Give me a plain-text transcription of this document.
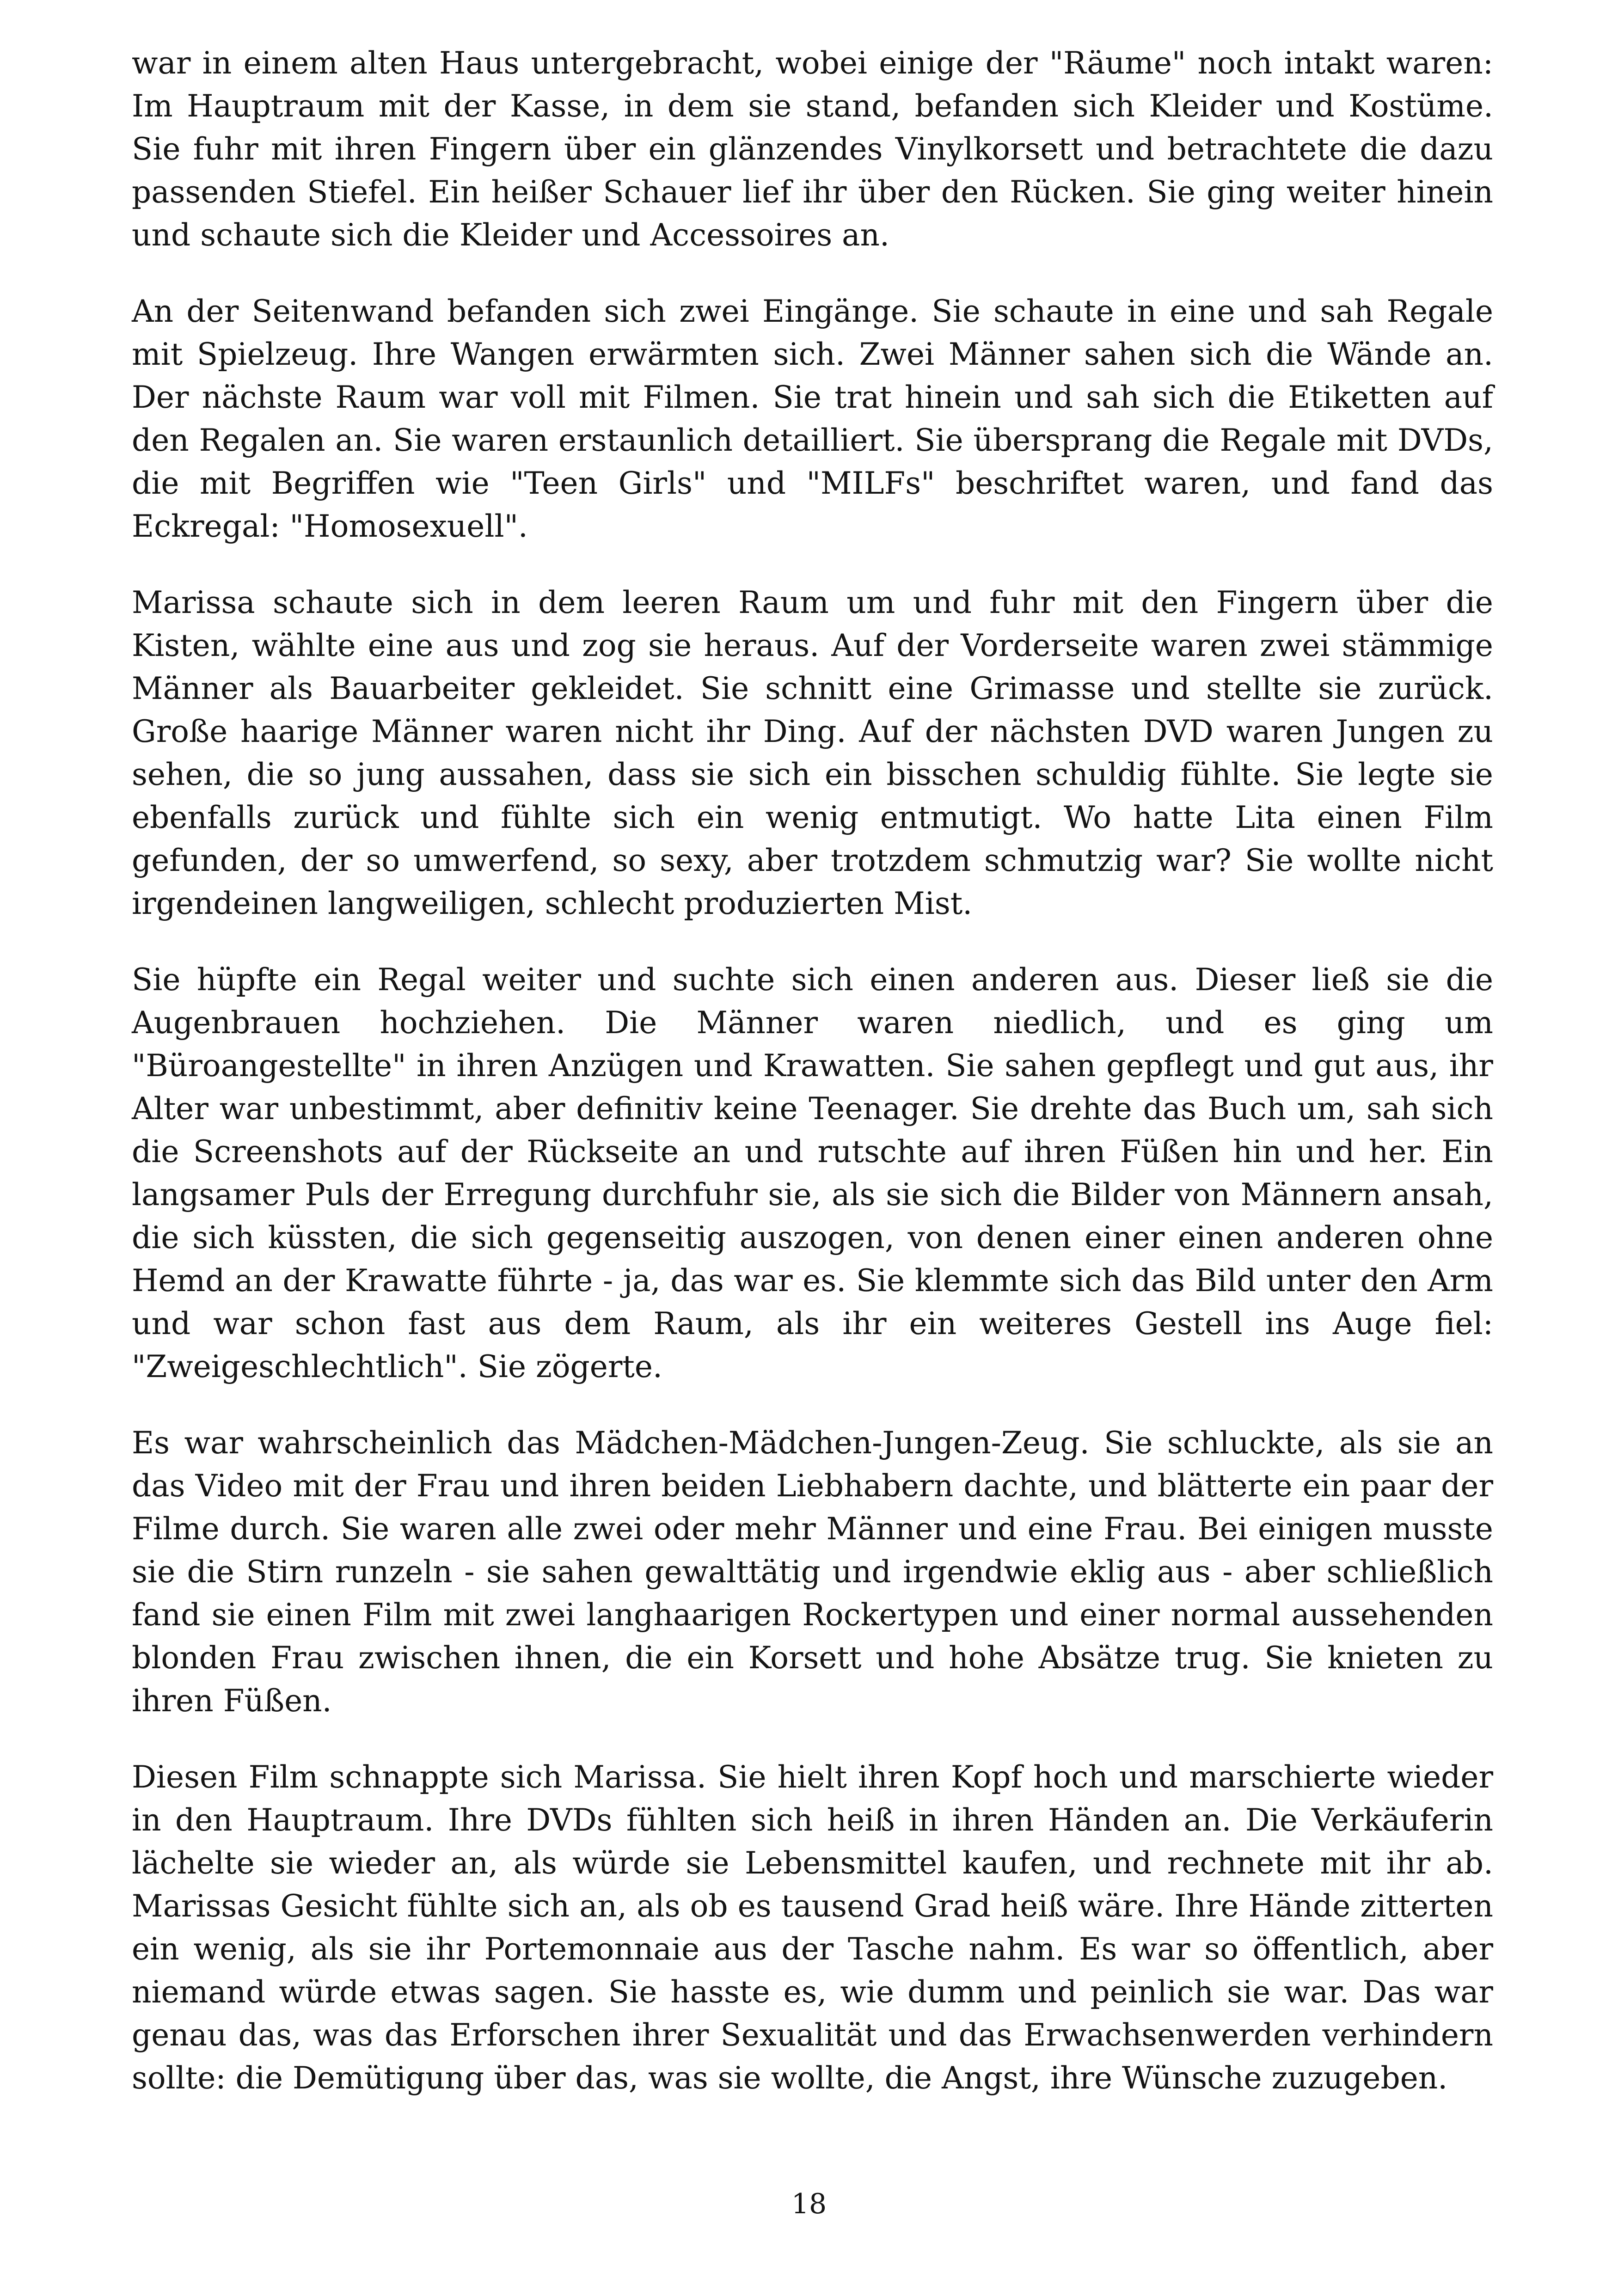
war in einem alten Haus untergebracht, wobei einige der "Räume" noch intakt waren: Im Hauptraum mit der Kasse, in dem sie stand, befanden sich Kleider und Kostüme. Sie fuhr mit ihren Fingern über ein glänzendes Vinylkorsett und betrachtete die dazu passenden Stiefel. Ein heißer Schauer lief ihr über den Rücken. Sie ging weiter hinein und schaute sich die Kleider und Accessoires an.

An der Seitenwand befanden sich zwei Eingänge. Sie schaute in eine und sah Regale mit Spielzeug. Ihre Wangen erwärmten sich. Zwei Männer sahen sich die Wände an. Der nächste Raum war voll mit Filmen. Sie trat hinein und sah sich die Etiketten auf den Regalen an. Sie waren erstaunlich detailliert. Sie übersprang die Regale mit DVDs, die mit Begriffen wie "Teen Girls" und "MILFs" beschriftet waren, und fand das Eckregal: "Homosexuell".

Marissa schaute sich in dem leeren Raum um und fuhr mit den Fingern über die Kisten, wählte eine aus und zog sie heraus. Auf der Vorderseite waren zwei stämmige Männer als Bauarbeiter gekleidet. Sie schnitt eine Grimasse und stellte sie zurück. Große haarige Männer waren nicht ihr Ding. Auf der nächsten DVD waren Jungen zu sehen, die so jung aussahen, dass sie sich ein bisschen schuldig fühlte. Sie legte sie ebenfalls zurück und fühlte sich ein wenig entmutigt. Wo hatte Lita einen Film gefunden, der so umwerfend, so sexy, aber trotzdem schmutzig war? Sie wollte nicht irgendeinen langweiligen, schlecht produzierten Mist.

Sie hüpfte ein Regal weiter und suchte sich einen anderen aus. Dieser ließ sie die Augenbrauen hochziehen. Die Männer waren niedlich, und es ging um "Büroangestellte" in ihren Anzügen und Krawatten. Sie sahen gepflegt und gut aus, ihr Alter war unbestimmt, aber definitiv keine Teenager. Sie drehte das Buch um, sah sich die Screenshots auf der Rückseite an und rutschte auf ihren Füßen hin und her. Ein langsamer Puls der Erregung durchfuhr sie, als sie sich die Bilder von Männern ansah, die sich küssten, die sich gegenseitig auszogen, von denen einer einen anderen ohne Hemd an der Krawatte führte - ja, das war es. Sie klemmte sich das Bild unter den Arm und war schon fast aus dem Raum, als ihr ein weiteres Gestell ins Auge fiel: "Zweigeschlechtlich". Sie zögerte.

Es war wahrscheinlich das Mädchen-Mädchen-Jungen-Zeug. Sie schluckte, als sie an das Video mit der Frau und ihren beiden Liebhabern dachte, und blätterte ein paar der Filme durch. Sie waren alle zwei oder mehr Männer und eine Frau. Bei einigen musste sie die Stirn runzeln - sie sahen gewalttätig und irgendwie eklig aus - aber schließlich fand sie einen Film mit zwei langhaarigen Rockertypen und einer normal aussehenden blonden Frau zwischen ihnen, die ein Korsett und hohe Absätze trug. Sie knieten zu ihren Füßen.

Diesen Film schnappte sich Marissa. Sie hielt ihren Kopf hoch und marschierte wieder in den Hauptraum. Ihre DVDs fühlten sich heiß in ihren Händen an. Die Verkäuferin lächelte sie wieder an, als würde sie Lebensmittel kaufen, und rechnete mit ihr ab. Marissas Gesicht fühlte sich an, als ob es tausend Grad heiß wäre. Ihre Hände zitterten ein wenig, als sie ihr Portemonnaie aus der Tasche nahm. Es war so öffentlich, aber niemand würde etwas sagen. Sie hasste es, wie dumm und peinlich sie war. Das war genau das, was das Erforschen ihrer Sexualität und das Erwachsenwerden verhindern sollte: die Demütigung über das, was sie wollte, die Angst, ihre Wünsche zuzugeben.

18
